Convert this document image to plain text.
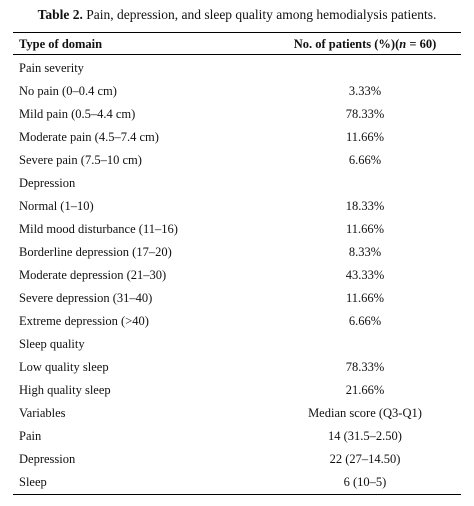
Table 2. Pain, depression, and sleep quality among hemodialysis patients.
Type of domain	No. of patients (%)(n = 60)
Pain severity
No pain (0–0.4 cm)	3.33%
Mild pain (0.5–4.4 cm)	78.33%
Moderate pain (4.5–7.4 cm)	11.66%
Severe pain (7.5–10 cm)	6.66%
Depression
Normal (1–10)	18.33%
Mild mood disturbance (11–16)	11.66%
Borderline depression (17–20)	8.33%
Moderate depression (21–30)	43.33%
Severe depression (31–40)	11.66%
Extreme depression (>40)	6.66%
Sleep quality
Low quality sleep	78.33%
High quality sleep	21.66%
Variables	Median score (Q3-Q1)
Pain	14 (31.5–2.50)
Depression	22 (27–14.50)
Sleep	6 (10–5)
